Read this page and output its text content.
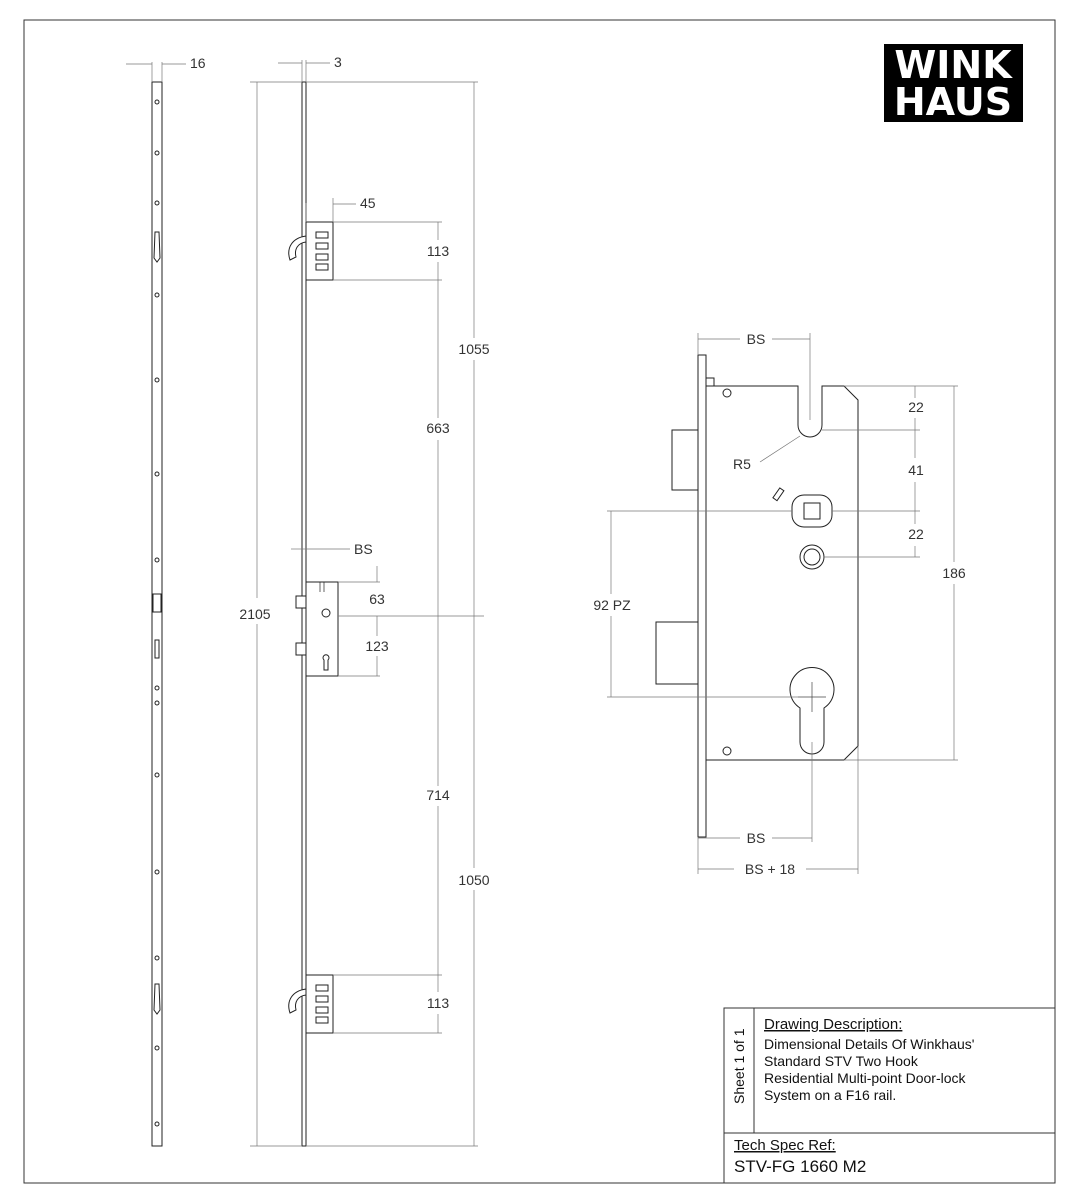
WINK
HAUS
16	3
2105
1055
1050
45
113
663
BS
63
123
714
113
BS
R5
22
41
22
186
92 PZ
BS
BS + 18
Sheet 1 of 1
Drawing Description:
Dimensional Details Of Winkhaus'
Standard STV Two Hook
Residential Multi-point Door-lock
System on a F16 rail.
Tech Spec Ref:
STV-FG 1660 M2
